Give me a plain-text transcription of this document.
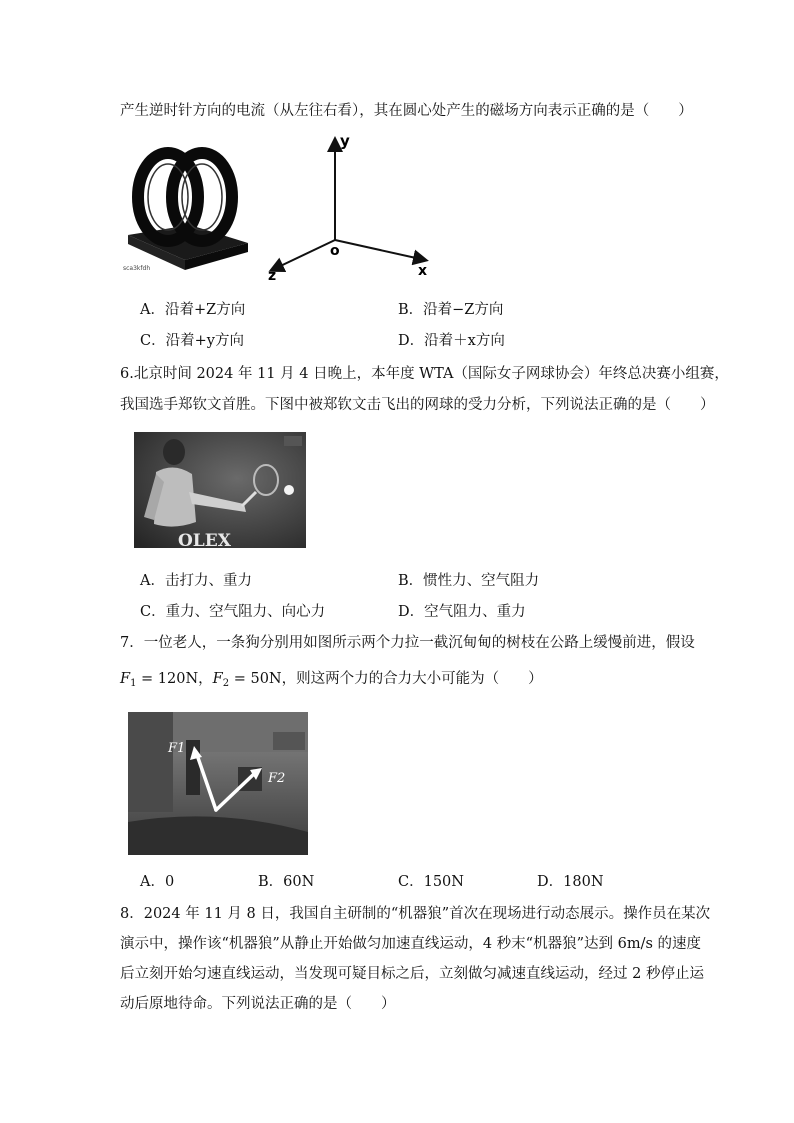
产生逆时针方向的电流（从左往右看），其在圆心处产生的磁场方向表示正确的是（　　）
sca3kfdh
y
o
z	x
A．沿着+Z方向	B．沿着−Z方向
C．沿着+y方向	D．沿着＋x方向
6.北京时间 2024 年 11 月 4 日晚上，本年度 WTA（国际女子网球协会）年终总决赛小组赛，
我国选手郑钦文首胜。下图中被郑钦文击飞出的网球的受力分析，下列说法正确的是（　　）
OLEX
A．击打力、重力	B．惯性力、空气阻力
C．重力、空气阻力、向心力	D．空气阻力、重力
7．一位老人，一条狗分别用如图所示两个力拉一截沉甸甸的树枝在公路上缓慢前进，假设
$F_1 = 120N$，$F_2 = 50N$，则这两个力的合力大小可能为（　　）
F1
F2
A．0	B．60N	C．150N	D．180N
8．2024 年 11 月 8 日，我国自主研制的“机器狼”首次在现场进行动态展示。操作员在某次
演示中，操作该“机器狼”从静止开始做匀加速直线运动，4 秒末“机器狼”达到 6m/s 的速度
后立刻开始匀速直线运动，当发现可疑目标之后，立刻做匀减速直线运动，经过 2 秒停止运
动后原地待命。下列说法正确的是（　　）
